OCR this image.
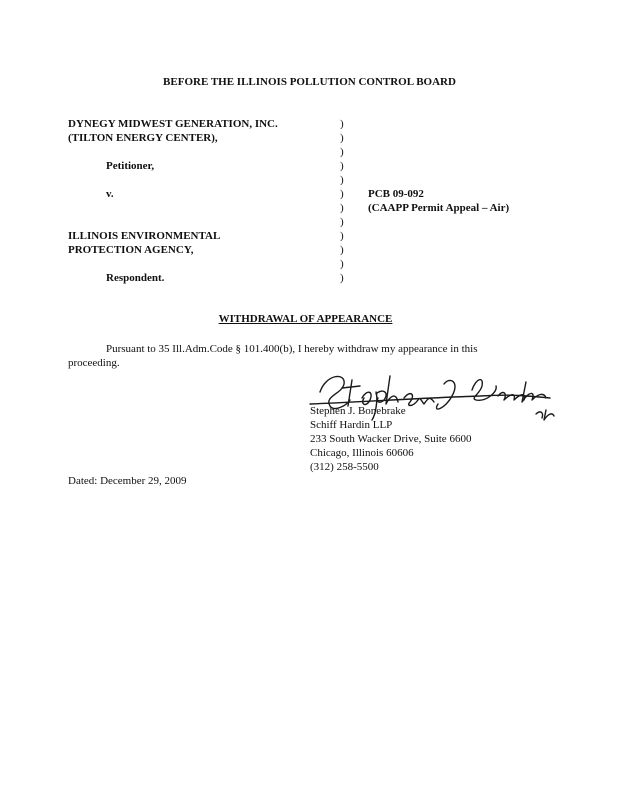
BEFORE THE ILLINOIS POLLUTION CONTROL BOARD
DYNEGY MIDWEST GENERATION, INC.
(TILTON ENERGY CENTER),
Petitioner,
v.
ILLINOIS ENVIRONMENTAL
PROTECTION AGENCY,
Respondent.
)
)
)
)
)
)
)
)
)
)
)
)
PCB 09-092
(CAAPP Permit Appeal – Air)
WITHDRAWAL OF APPEARANCE
Pursuant to 35 Ill.Adm.Code § 101.400(b), I hereby withdraw my appearance in this
proceeding.
Stephen J. Bonebrake
Schiff Hardin LLP
233 South Wacker Drive, Suite 6600
Chicago, Illinois 60606
(312) 258-5500
Dated: December 29, 2009
